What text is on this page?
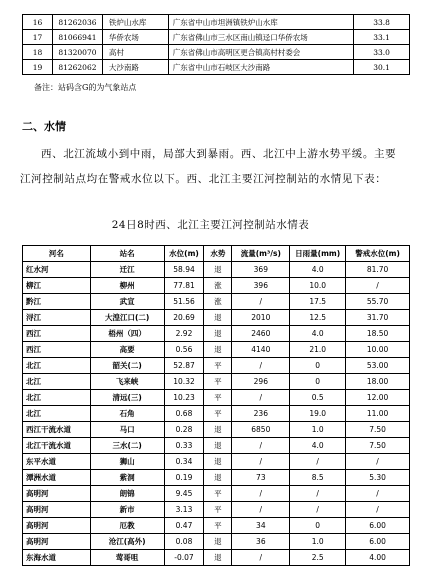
16	81262036	铁炉山水库	广东省中山市坦洲镇铁炉山水库	33.8
17	81066941	华侨农场	广东省佛山市三水区南山镇迳口华侨农场	33.1
18	81320070	高村	广东省佛山市高明区更合镇高村村委会	33.0
19	81262062	大沙南路	广东省中山市石岐区大沙南路	30.1
备注：站码含G的为气象站点
二、水情
西、北江流域小到中雨，局部大到暴雨。西、北江中上游水势平缓。主要江河控制站点均在警戒水位以下。西、北江主要江河控制站的水情见下表：
24日8时西、北江主要江河控制站水情表
河名	站名	水位(m)	水势	流量(m³/s)	日雨量(mm)	警戒水位(m)
红水河	迁江	58.94	退	369	4.0	81.70
柳江	柳州	77.81	涨	396	10.0	/
黔江	武宣	51.56	涨	/	17.5	55.70
浔江	大湟江口(二)	20.69	退	2010	12.5	31.70
西江	梧州（四）	2.92	退	2460	4.0	18.50
西江	高要	0.56	退	4140	21.0	10.00
北江	韶关(二)	52.87	平	/	0	53.00
北江	飞来峡	10.32	平	296	0	18.00
北江	清远(三)	10.23	平	/	0.5	12.00
北江	石角	0.68	平	236	19.0	11.00
西江干流水道	马口	0.28	退	6850	1.0	7.50
北江干流水道	三水(二)	0.33	退	/	4.0	7.50
东平水道	狮山	0.34	退	/	/	/
潭洲水道	紫洞	0.19	退	73	8.5	5.30
高明河	朗锦	9.45	平	/	/	/
高明河	新市	3.13	平	/	/	/
高明河	厄教	0.47	平	34	0	6.00
高明河	沧江(高外)	0.08	退	36	1.0	6.00
东海水道	莺哥咀	-0.07	退	/	2.5	4.00
